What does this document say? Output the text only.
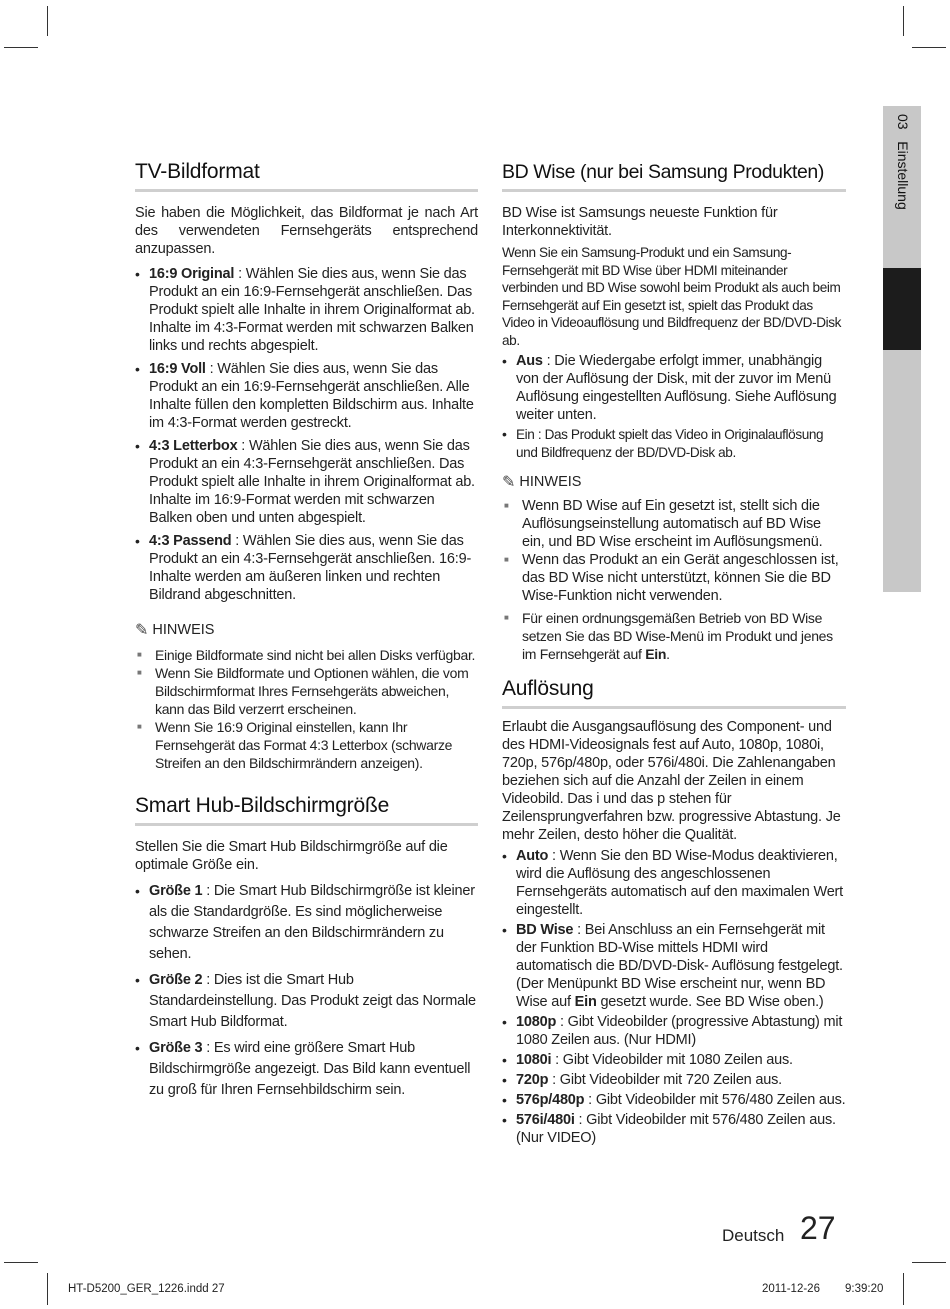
03   Einstellung
TV-Bildformat

Sie haben die Möglichkeit, das Bildformat je nach Art des verwendeten Fernsehgeräts entsprechend anzupassen.

• 16:9 Original : Wählen Sie dies aus, wenn Sie das Produkt an ein 16:9-Fernsehgerät anschließen. Das Produkt spielt alle Inhalte in ihrem Originalformat ab. Inhalte im 4:3-Format werden mit schwarzen Balken links und rechts abgespielt.
• 16:9 Voll : Wählen Sie dies aus, wenn Sie das Produkt an ein 16:9-Fernsehgerät anschließen. Alle Inhalte füllen den kompletten Bildschirm aus. Inhalte im 4:3-Format werden gestreckt.
• 4:3 Letterbox : Wählen Sie dies aus, wenn Sie das Produkt an ein 4:3-Fernsehgerät anschließen. Das Produkt spielt alle Inhalte in ihrem Originalformat ab. Inhalte im 16:9-Format werden mit schwarzen Balken oben und unten abgespielt.
• 4:3 Passend : Wählen Sie dies aus, wenn Sie das Produkt an ein 4:3-Fernsehgerät anschließen. 16:9-Inhalte werden am äußeren linken und rechten Bildrand abgeschnitten.
✎ HINWEIS
■ Einige Bildformate sind nicht bei allen Disks verfügbar.
■ Wenn Sie Bildformate und Optionen wählen, die vom Bildschirmformat Ihres Fernsehgeräts abweichen, kann das Bild verzerrt erscheinen.
■ Wenn Sie 16:9 Original einstellen, kann Ihr Fernsehgerät das Format 4:3 Letterbox (schwarze Streifen an den Bildschirmrändern anzeigen).
Smart Hub-Bildschirmgröße

Stellen Sie die Smart Hub Bildschirmgröße auf die optimale Größe ein.

• Größe 1 : Die Smart Hub Bildschirmgröße ist kleiner als die Standardgröße. Es sind möglicherweise schwarze Streifen an den Bildschirmrändern zu sehen.
• Größe 2 : Dies ist die Smart Hub Standardeinstellung. Das Produkt zeigt das Normale Smart Hub Bildformat.
• Größe 3 : Es wird eine größere Smart Hub Bildschirmgröße angezeigt. Das Bild kann eventuell zu groß für Ihren Fernsehbildschirm sein.
BD Wise (nur bei Samsung Produkten)

BD Wise ist Samsungs neueste Funktion für Interkonnektivität.

Wenn Sie ein Samsung-Produkt und ein Samsung-Fernsehgerät mit BD Wise über HDMI miteinander verbinden und BD Wise sowohl beim Produkt als auch beim Fernsehgerät auf Ein gesetzt ist, spielt das Produkt das Video in Videoauflösung und Bildfrequenz der BD/DVD-Disk ab.

• Aus : Die Wiedergabe erfolgt immer, unabhängig von der Auflösung der Disk, mit der zuvor im Menü Auflösung eingestellten Auflösung. Siehe Auflösung weiter unten.
• Ein : Das Produkt spielt das Video in Originalauflösung und Bildfrequenz der BD/DVD-Disk ab.
✎ HINWEIS
■ Wenn BD Wise auf Ein gesetzt ist, stellt sich die Auflösungseinstellung automatisch auf BD Wise ein, und BD Wise erscheint im Auflösungsmenü.
■ Wenn das Produkt an ein Gerät angeschlossen ist, das BD Wise nicht unterstützt, können Sie die BD Wise-Funktion nicht verwenden.
■ Für einen ordnungsgemäßen Betrieb von BD Wise setzen Sie das BD Wise-Menü im Produkt und jenes im Fernsehgerät auf Ein.
Auflösung

Erlaubt die Ausgangsauflösung des Component- und des HDMI-Videosignals fest auf Auto, 1080p, 1080i, 720p, 576p/480p, oder 576i/480i. Die Zahlenangaben beziehen sich auf die Anzahl der Zeilen in einem Videobild. Das i und das p stehen für Zeilensprungverfahren bzw. progressive Abtastung. Je mehr Zeilen, desto höher die Qualität.

• Auto : Wenn Sie den BD Wise-Modus deaktivieren, wird die Auflösung des angeschlossenen Fernsehgeräts automatisch auf den maximalen Wert eingestellt.
• BD Wise : Bei Anschluss an ein Fernsehgerät mit der Funktion BD-Wise mittels HDMI wird automatisch die BD/DVD-Disk- Auflösung festgelegt. (Der Menüpunkt BD Wise erscheint nur, wenn BD Wise auf Ein gesetzt wurde. See BD Wise oben.)
• 1080p : Gibt Videobilder (progressive Abtastung) mit 1080 Zeilen aus. (Nur HDMI)
• 1080i : Gibt Videobilder mit 1080 Zeilen aus.
• 720p : Gibt Videobilder mit 720 Zeilen aus.
• 576p/480p : Gibt Videobilder mit 576/480 Zeilen aus.
• 576i/480i : Gibt Videobilder mit 576/480 Zeilen aus. (Nur VIDEO)
Deutsch 27
HT-D5200_GER_1226.indd 27	2011-12-26 9:39:20
